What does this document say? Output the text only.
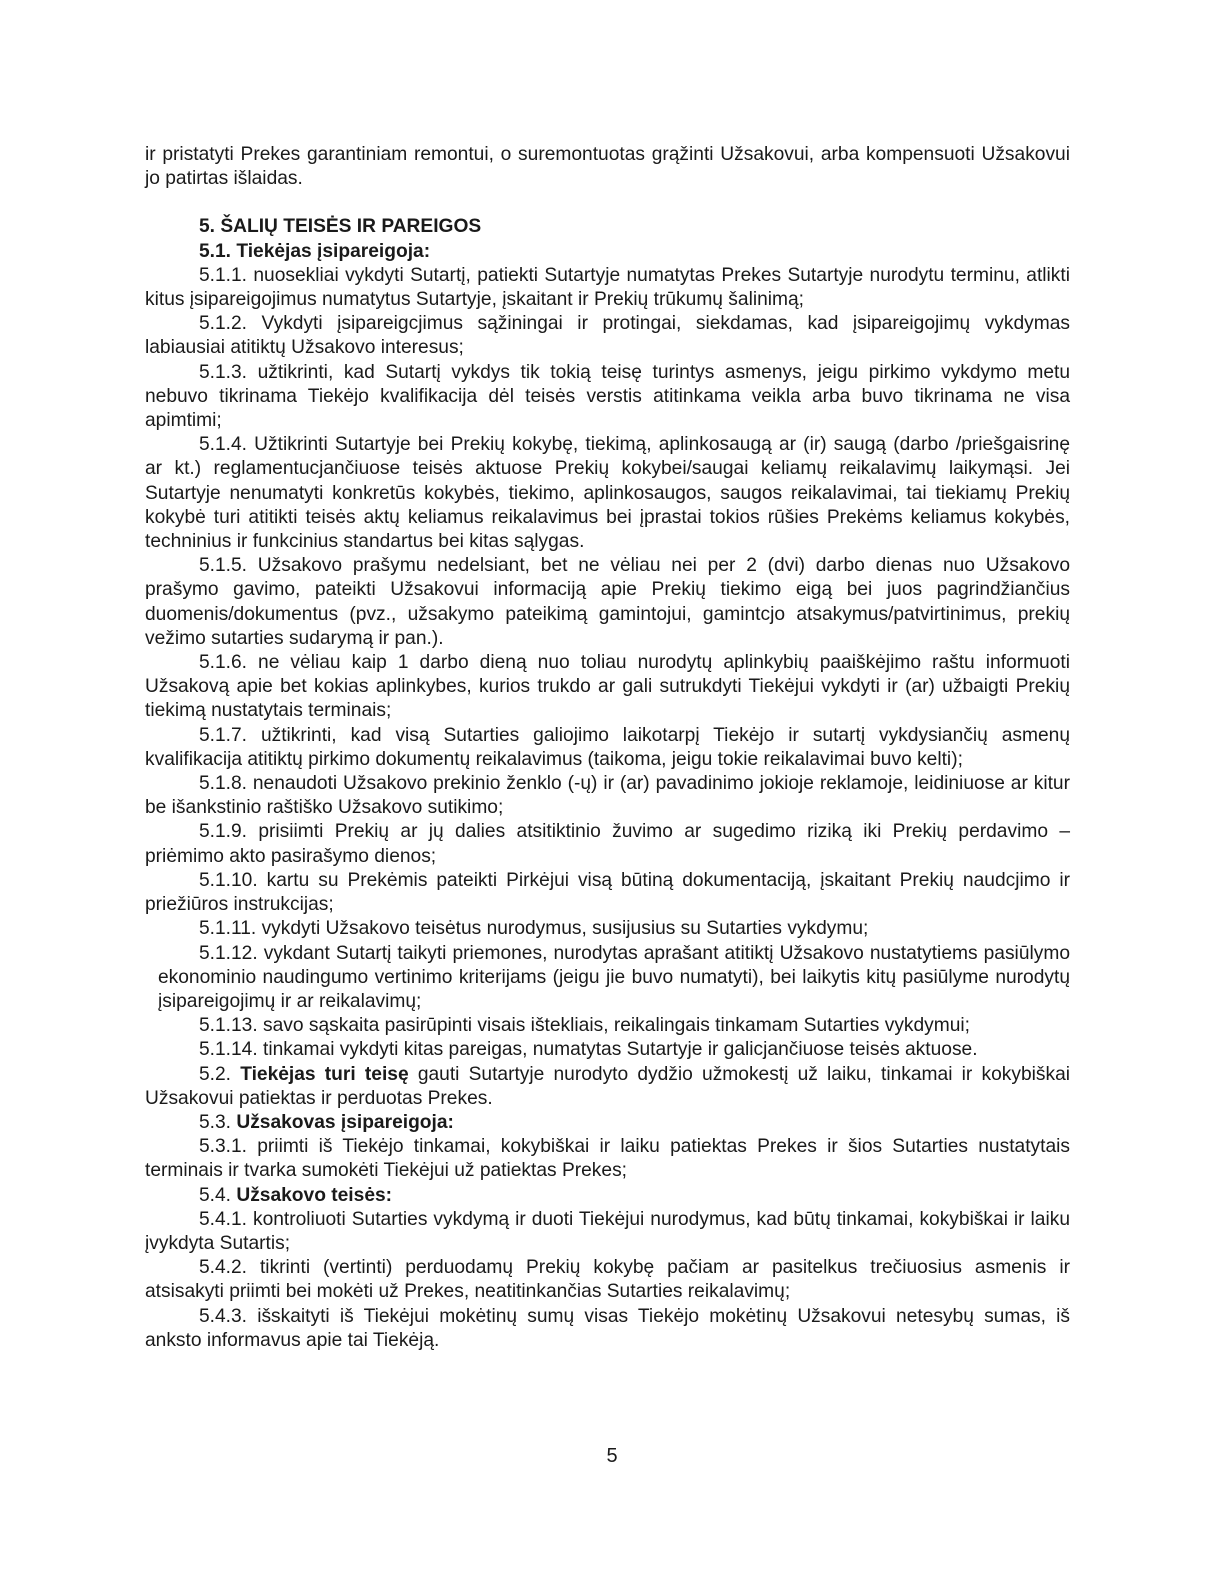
ir pristatyti Prekes garantiniam remontui, o suremontuotas grąžinti Užsakovui, arba kompensuoti Užsakovui jo patirtas išlaidas.

5. ŠALIŲ TEISĖS IR PAREIGOS

5.1. Tiekėjas įsipareigoja:

5.1.1. nuosekliai vykdyti Sutartį, patiekti Sutartyje numatytas Prekes Sutartyje nurodytu terminu, atlikti kitus įsipareigojimus numatytus Sutartyje, įskaitant ir Prekių trūkumų šalinimą;

5.1.2. Vykdyti įsipareigcjimus sąžiningai ir protingai, siekdamas, kad įsipareigojimų vykdymas labiausiai atitiktų Užsakovo interesus;

5.1.3. užtikrinti, kad Sutartį vykdys tik tokią teisę turintys asmenys, jeigu pirkimo vykdymo metu nebuvo tikrinama Tiekėjo kvalifikacija dėl teisės verstis atitinkama veikla arba buvo tikrinama ne visa apimtimi;

5.1.4. Užtikrinti Sutartyje bei Prekių kokybę, tiekimą, aplinkosaugą ar (ir) saugą (darbo /priešgaisrinę ar kt.) reglamentucjančiuose teisės aktuose Prekių kokybei/saugai keliamų reikalavimų laikymąsi. Jei Sutartyje nenumatyti konkretūs kokybės, tiekimo, aplinkosaugos, saugos reikalavimai, tai tiekiamų Prekių kokybė turi atitikti teisės aktų keliamus reikalavimus bei įprastai tokios rūšies Prekėms keliamus kokybės, techninius ir funkcinius standartus bei kitas sąlygas.

5.1.5. Užsakovo prašymu nedelsiant, bet ne vėliau nei per 2 (dvi) darbo dienas nuo Užsakovo prašymo gavimo, pateikti Užsakovui informaciją apie Prekių tiekimo eigą bei juos pagrindžiančius duomenis/dokumentus (pvz., užsakymo pateikimą gamintojui, gamintcjo atsakymus/patvirtinimus, prekių vežimo sutarties sudarymą ir pan.).

5.1.6. ne vėliau kaip 1 darbo dieną nuo toliau nurodytų aplinkybių paaiškėjimo raštu informuoti Užsakovą apie bet kokias aplinkybes, kurios trukdo ar gali sutrukdyti Tiekėjui vykdyti ir (ar) užbaigti Prekių tiekimą nustatytais terminais;

5.1.7. užtikrinti, kad visą Sutarties galiojimo laikotarpį Tiekėjo ir sutartį vykdysiančių asmenų kvalifikacija atitiktų pirkimo dokumentų reikalavimus (taikoma, jeigu tokie reikalavimai buvo kelti);

5.1.8. nenaudoti Užsakovo prekinio ženklo (-ų) ir (ar) pavadinimo jokioje reklamoje, leidiniuose ar kitur be išankstinio raštiško Užsakovo sutikimo;

5.1.9. prisiimti Prekių ar jų dalies atsitiktinio žuvimo ar sugedimo riziką iki Prekių perdavimo – priėmimo akto pasirašymo dienos;

5.1.10. kartu su Prekėmis pateikti Pirkėjui visą būtiną dokumentaciją, įskaitant Prekių naudcjimo ir priežiūros instrukcijas;

5.1.11. vykdyti Užsakovo teisėtus nurodymus, susijusius su Sutarties vykdymu;

5.1.12. vykdant Sutartį taikyti priemones, nurodytas aprašant atitiktį Užsakovo nustatytiems pasiūlymo ekonominio naudingumo vertinimo kriterijams (jeigu jie buvo numatyti), bei laikytis kitų pasiūlyme nurodytų įsipareigojimų ir ar reikalavimų;

5.1.13. savo sąskaita pasirūpinti visais ištekliais, reikalingais tinkamam Sutarties vykdymui;

5.1.14. tinkamai vykdyti kitas pareigas, numatytas Sutartyje ir galicjančiuose teisės aktuose.

5.2. Tiekėjas turi teisę gauti Sutartyje nurodyto dydžio užmokestį už laiku, tinkamai ir kokybiškai Užsakovui patiektas ir perduotas Prekes.

5.3. Užsakovas įsipareigoja:

5.3.1. priimti iš Tiekėjo tinkamai, kokybiškai ir laiku patiektas Prekes ir šios Sutarties nustatytais terminais ir tvarka sumokėti Tiekėjui už patiektas Prekes;

5.4. Užsakovo teisės:

5.4.1. kontroliuoti Sutarties vykdymą ir duoti Tiekėjui nurodymus, kad būtų tinkamai, kokybiškai ir laiku įvykdyta Sutartis;

5.4.2. tikrinti (vertinti) perduodamų Prekių kokybę pačiam ar pasitelkus trečiuosius asmenis ir atsisakyti priimti bei mokėti už Prekes, neatitinkančias Sutarties reikalavimų;

5.4.3. išskaityti iš Tiekėjui mokėtinų sumų visas Tiekėjo mokėtinų Užsakovui netesybų sumas, iš anksto informavus apie tai Tiekėją.

5
